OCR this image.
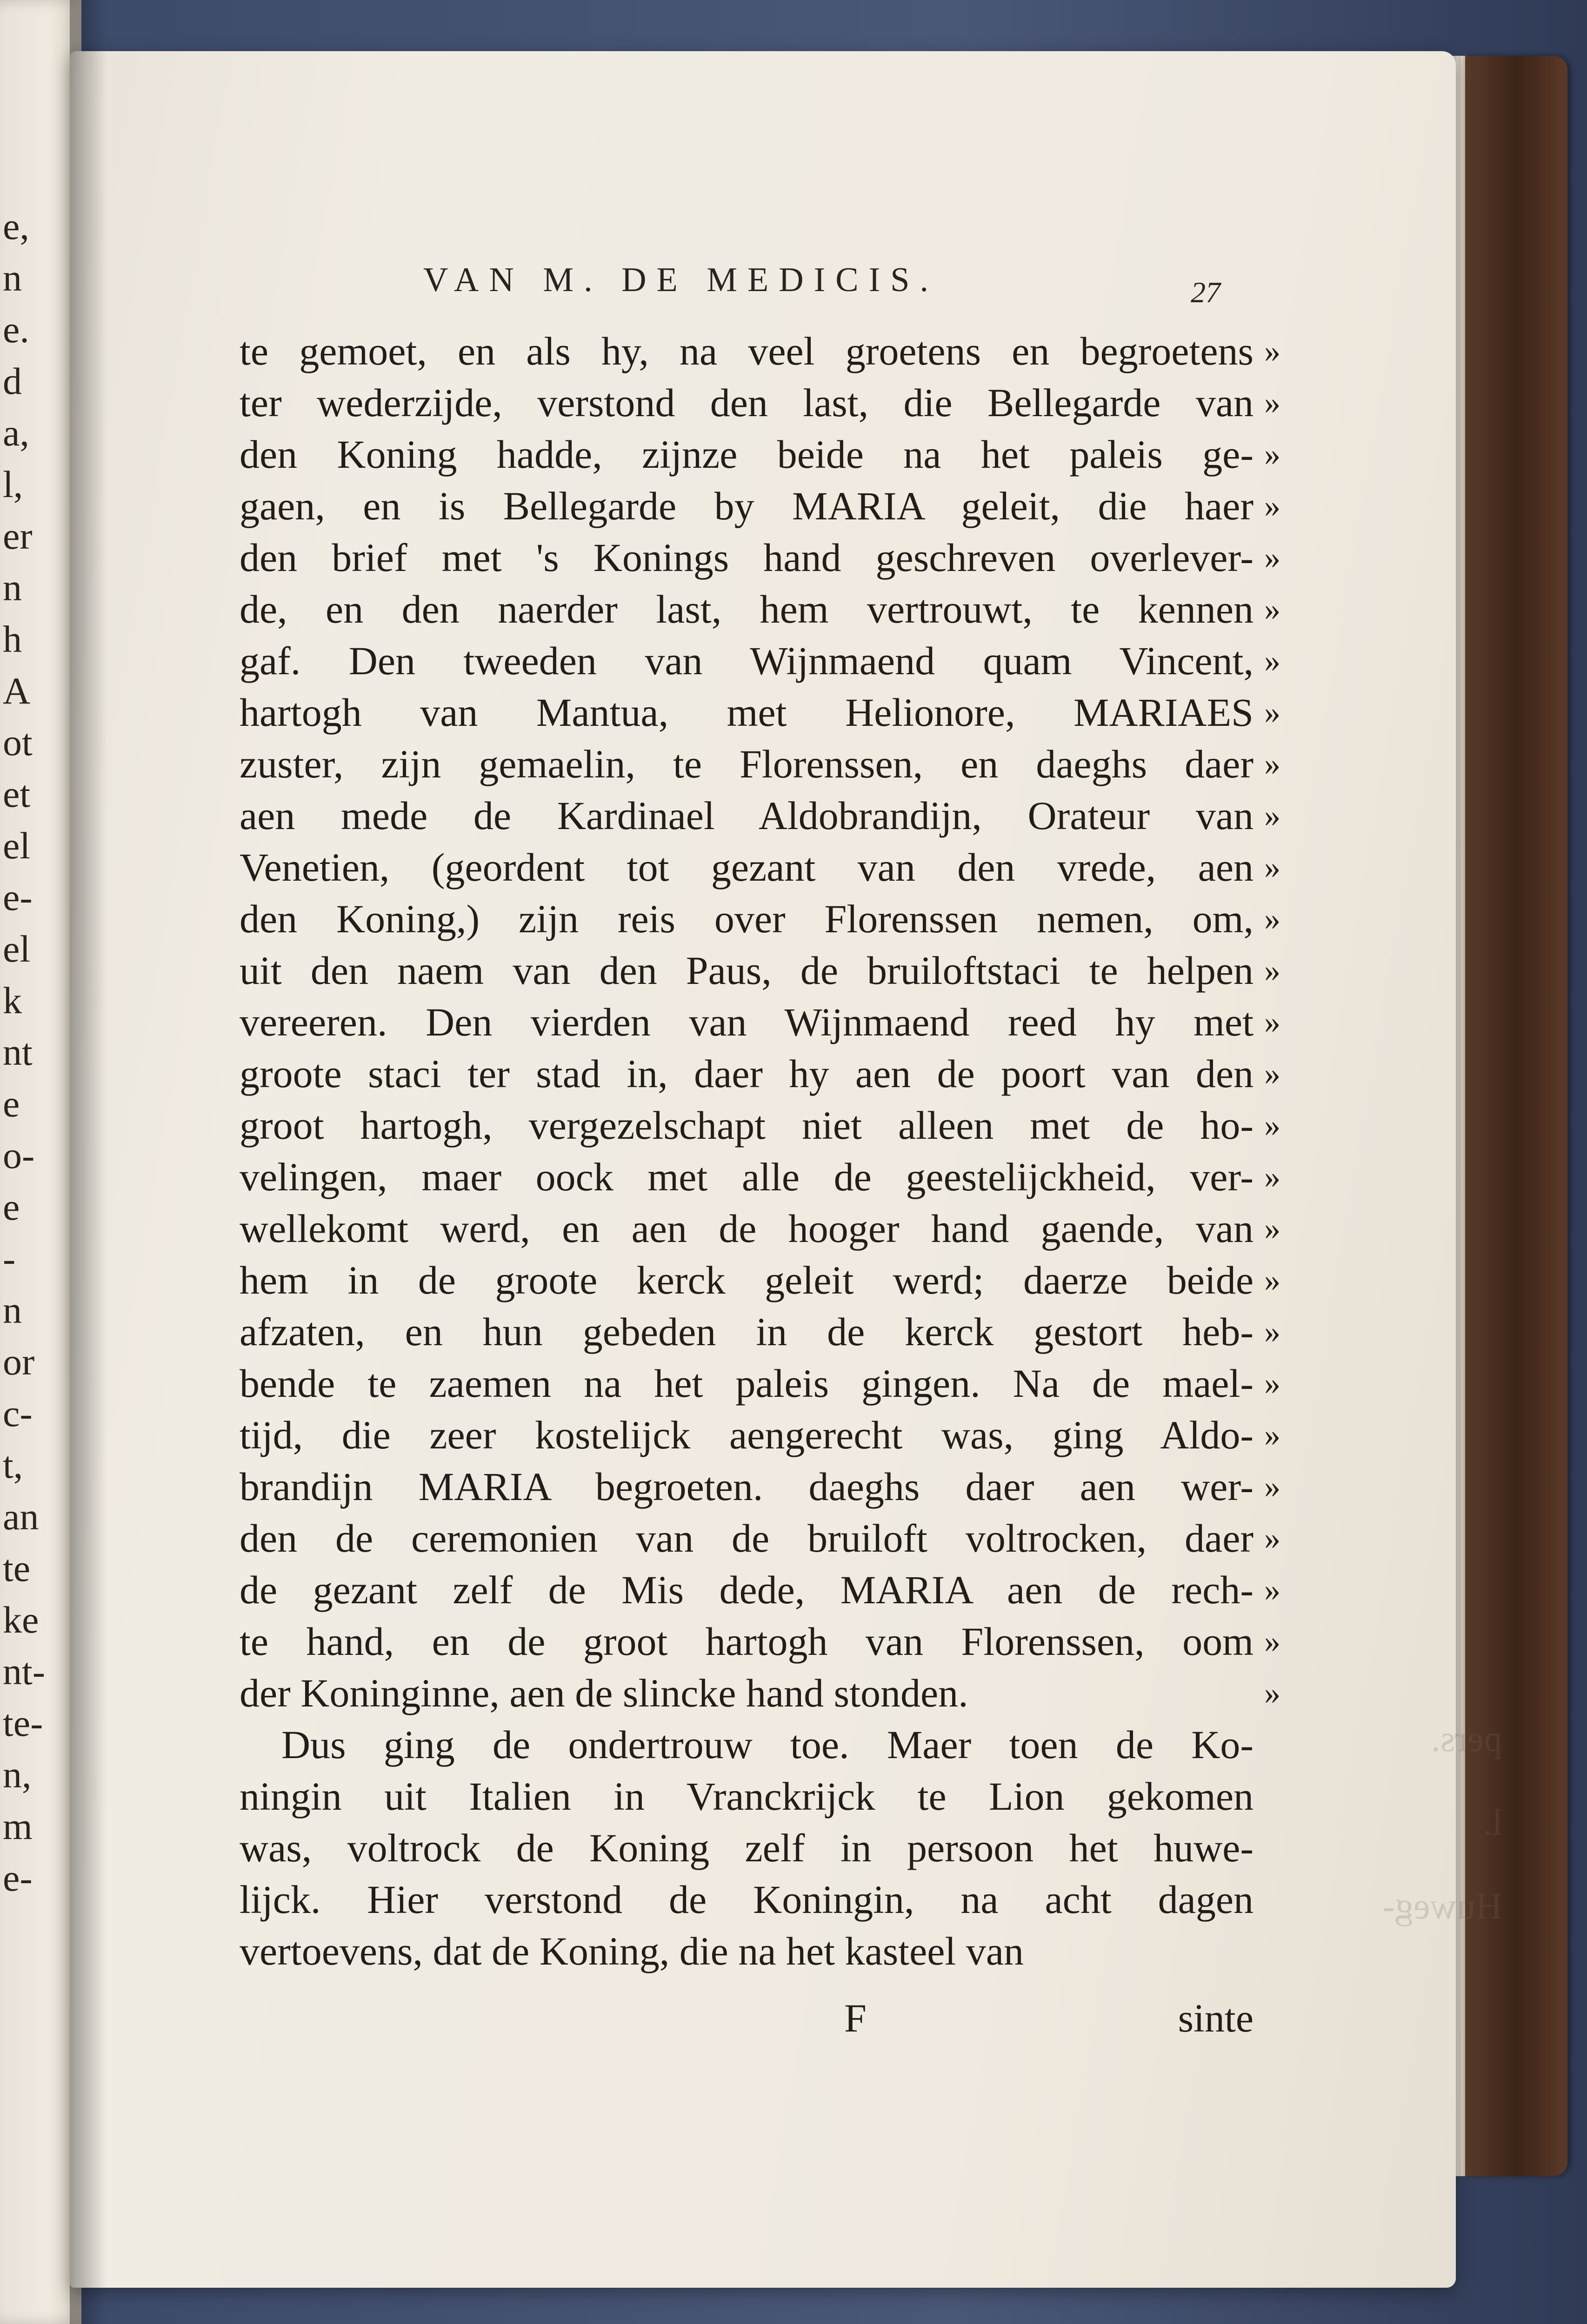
e,
n
e.
d
a,
l,
er
n
h
A
ot
et
el
e-
el
k
nt
e
o-
e
-
n
or
c-
t,
an
te
ke
nt-
te-
n,
m
e-
pers.
l.
Huweg-
VAN M. DE MEDICIS.	27
te gemoet, en als hy, na veel groetens en begroetens
ter wederzijde, verstond den last, die Bellegarde van
den Koning hadde, zijnze beide na het paleis ge-
gaen, en is Bellegarde by MARIA geleit, die haer
den brief met 's Konings hand geschreven overlever-
de, en den naerder last, hem vertrouwt, te kennen
gaf. Den tweeden van Wijnmaend quam Vincent,
hartogh van Mantua, met Helionore, MARIAES
zuster, zijn gemaelin, te Florenssen, en daeghs daer
aen mede de Kardinael Aldobrandijn, Orateur van
Venetien, (geordent tot gezant van den vrede, aen
den Koning,) zijn reis over Florenssen nemen, om,
uit den naem van den Paus, de bruiloftstaci te helpen
vereeren. Den vierden van Wijnmaend reed hy met
groote staci ter stad in, daer hy aen de poort van den
groot hartogh, vergezelschapt niet alleen met de ho-
velingen, maer oock met alle de geestelijckheid, ver-
wellekomt werd, en aen de hooger hand gaende, van
hem in de groote kerck geleit werd; daerze beide
afzaten, en hun gebeden in de kerck gestort heb-
bende te zaemen na het paleis gingen. Na de mael-
tijd, die zeer kostelijck aengerecht was, ging Aldo-
brandijn MARIA begroeten. daeghs daer aen wer-
den de ceremonien van de bruiloft voltrocken, daer
de gezant zelf de Mis dede, MARIA aen de rech-
te hand, en de groot hartogh van Florenssen, oom
der Koninginne, aen de slincke hand stonden.
Dus ging de ondertrouw toe. Maer toen de Ko-
ningin uit Italien in Vranckrijck te Lion gekomen
was, voltrock de Koning zelf in persoon het huwe-
lijck. Hier verstond de Koningin, na acht dagen
vertoevens, dat de Koning, die na het kasteel van
»
»
»
»
»
»
»
»
»
»
»
»
»
»
»
»
»
»
»
»
»
»
»
»
»
»
»
F	sinte
